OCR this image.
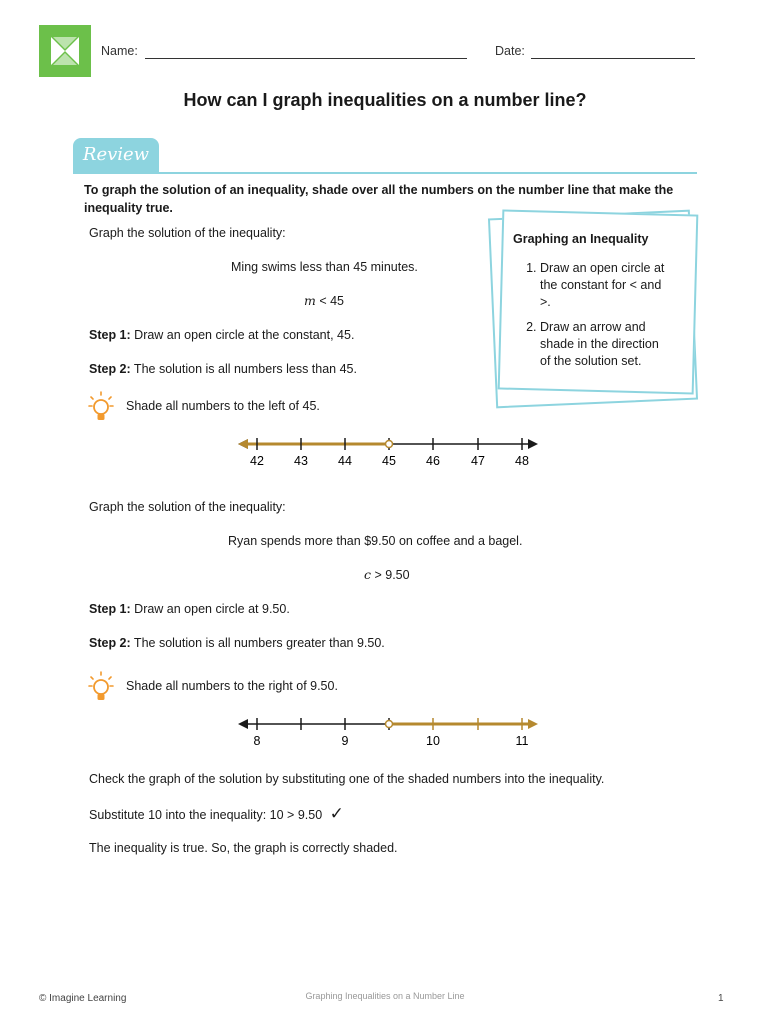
Name:	Date:
How can I graph inequalities on a number line?
Review
To graph the solution of an inequality, shade over all the numbers on the number line that make the inequality true.
Graphing an Inequality
1. Draw an open circle at the constant for < and >.
2. Draw an arrow and shade in the direction of the solution set.
Graph the solution of the inequality:
Ming swims less than 45 minutes.
m < 45
Step 1: Draw an open circle at the constant, 45.
Step 2: The solution is all numbers less than 45.
Shade all numbers to the left of 45.
42 43 44 45 46 47 48
Graph the solution of the inequality:
Ryan spends more than $9.50 on coffee and a bagel.
c > 9.50
Step 1: Draw an open circle at 9.50.
Step 2: The solution is all numbers greater than 9.50.
Shade all numbers to the right of 9.50.
8	9	10	11
Check the graph of the solution by substituting one of the shaded numbers into the inequality.
Substitute 10 into the inequality: 10 > 9.50 ✓
The inequality is true. So, the graph is correctly shaded.
© Imagine Learning	Graphing Inequalities on a Number Line	1
